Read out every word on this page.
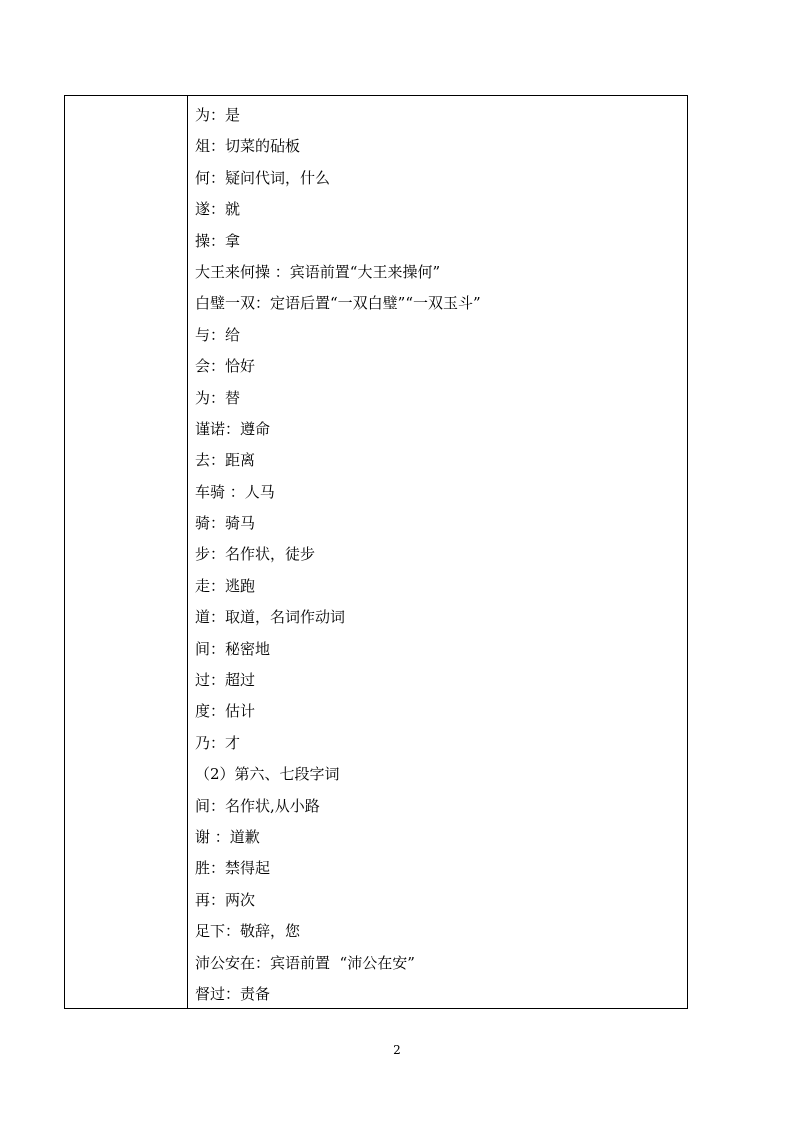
为：是
俎：切菜的砧板
何：疑问代词，什么
遂：就
操：拿
大王来何操 ：宾语前置“大王来操何”
白璧一双：定语后置“一双白璧”“一双玉斗”
与：给
会：恰好
为：替
谨诺：遵命
去：距离
车骑 ：人马
骑：骑马
步：名作状，徒步
走：逃跑
道：取道，名词作动词
间：秘密地
过：超过
度：估计
乃：才
（2）第六、七段字词
间：名作状,从小路
谢 ：道歉
胜：禁得起
再：两次
足下：敬辞，您
沛公安在：宾语前置  “沛公在安”
督过：责备
2
